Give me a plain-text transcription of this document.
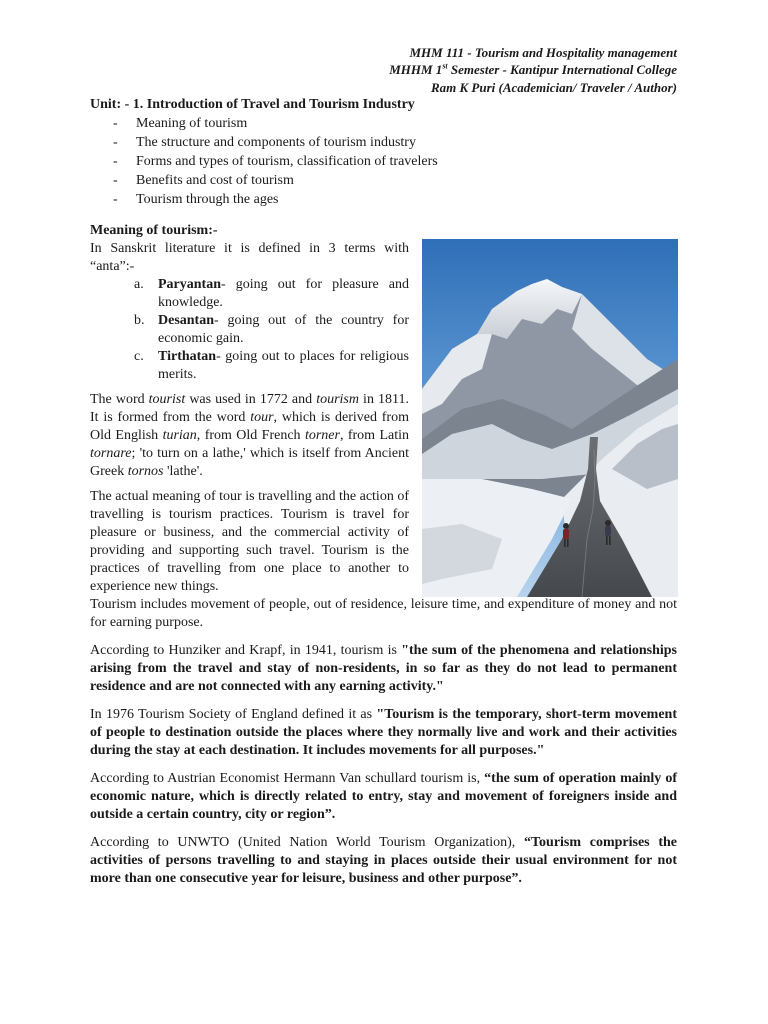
MHM 111 - Tourism and Hospitality management
MHHM 1st Semester - Kantipur International College
Ram K Puri (Academician/ Traveler / Author)
Unit: - 1. Introduction of Travel and Tourism Industry
- Meaning of tourism
- The structure and components of tourism industry
- Forms and types of tourism, classification of travelers
- Benefits and cost of tourism
- Tourism through the ages
Meaning of tourism:-

In Sanskrit literature it is defined in 3 terms with “anta”:-

a. Paryantan- going out for pleasure and knowledge.
b. Desantan- going out of the country for economic gain.
c. Tirthatan- going out to places for religious merits.

The word tourist was used in 1772 and tourism in 1811. It is formed from the word tour, which is derived from Old English turian, from Old French torner, from Latin tornare; 'to turn on a lathe,' which is itself from Ancient Greek tornos 'lathe'.

The actual meaning of tour is travelling and the action of travelling is tourism practices. Tourism is travel for pleasure or business, and the commercial activity of providing and supporting such travel. Tourism is the practices of travelling from one place to another to experience new things.

Tourism includes movement of people, out of residence, leisure time, and expenditure of money and not for earning purpose.

According to Hunziker and Krapf, in 1941, tourism is "the sum of the phenomena and relationships arising from the travel and stay of non-residents, in so far as they do not lead to permanent residence and are not connected with any earning activity."

In 1976 Tourism Society of England defined it as "Tourism is the temporary, short-term movement of people to destination outside the places where they normally live and work and their activities during the stay at each destination. It includes movements for all purposes."

According to Austrian Economist Hermann Van schullard tourism is, “the sum of operation mainly of economic nature, which is directly related to entry, stay and movement of foreigners inside and outside a certain country, city or region”.

According to UNWTO (United Nation World Tourism Organization), “Tourism comprises the activities of persons travelling to and staying in places outside their usual environment for not more than one consecutive year for leisure, business and other purpose”.
